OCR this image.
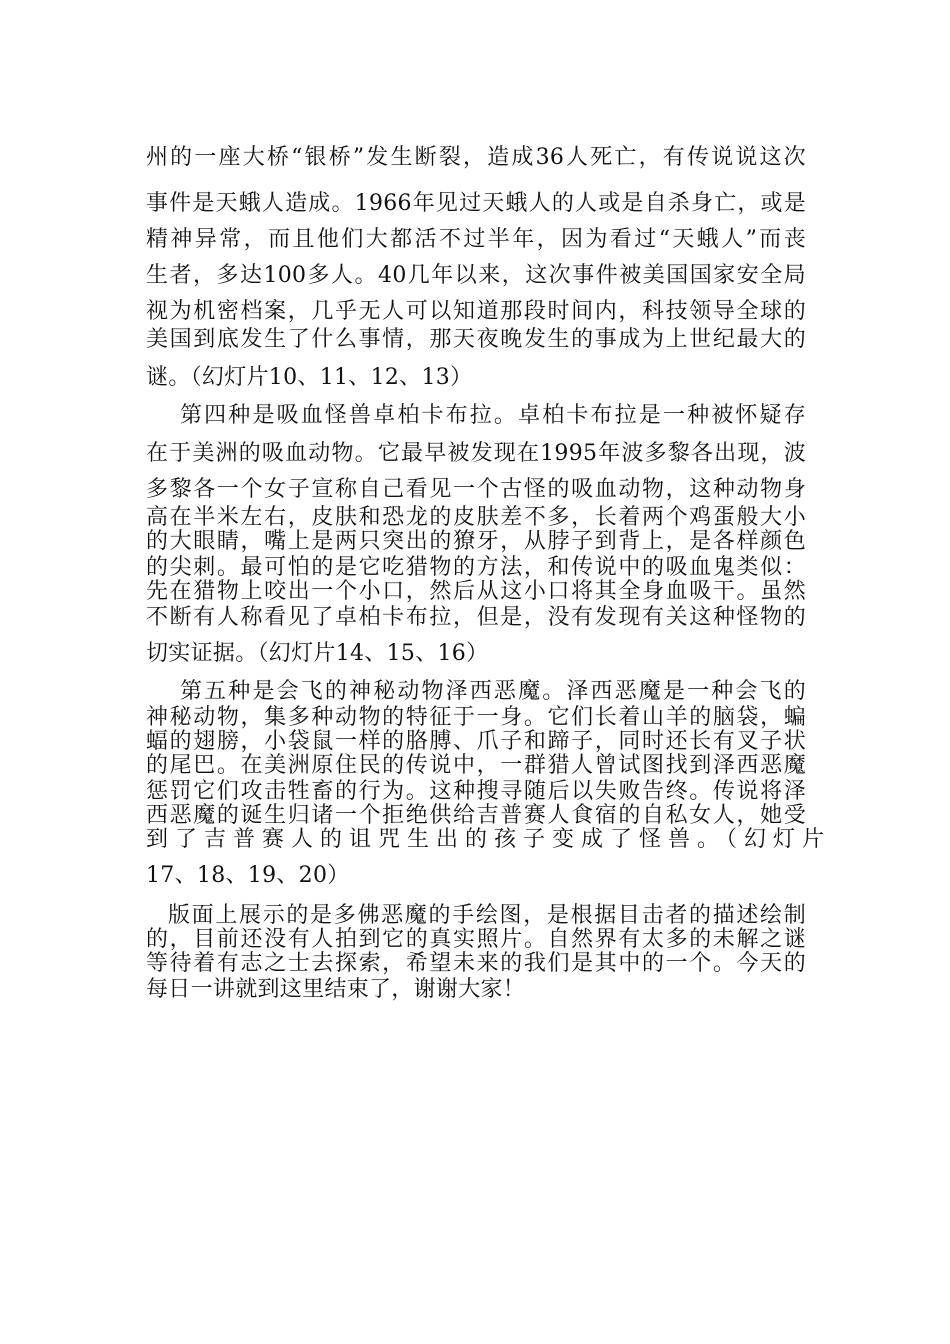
州的一座大桥“银桥”发生断裂，造成36人死亡，有传说说这次
事件是天蛾人造成。1966年见过天蛾人的人或是自杀身亡，或是
精神异常，而且他们大都活不过半年，因为看过“天蛾人”而丧
生者，多达100多人。40几年以来，这次事件被美国国家安全局
视为机密档案，几乎无人可以知道那段时间内，科技领导全球的
美国到底发生了什么事情，那天夜晚发生的事成为上世纪最大的
谜。（幻灯片10、11、12、13）
第四种是吸血怪兽卓柏卡布拉。卓柏卡布拉是一种被怀疑存
在于美洲的吸血动物。它最早被发现在1995年波多黎各出现，波
多黎各一个女子宣称自己看见一个古怪的吸血动物，这种动物身
高在半米左右，皮肤和恐龙的皮肤差不多，长着两个鸡蛋般大小
的大眼睛，嘴上是两只突出的獠牙，从脖子到背上，是各样颜色
的尖刺。最可怕的是它吃猎物的方法，和传说中的吸血鬼类似：
先在猎物上咬出一个小口，然后从这小口将其全身血吸干。虽然
不断有人称看见了卓柏卡布拉，但是，没有发现有关这种怪物的
切实证据。（幻灯片14、15、16）
第五种是会飞的神秘动物泽西恶魔。泽西恶魔是一种会飞的
神秘动物，集多种动物的特征于一身。它们长着山羊的脑袋，蝙
蝠的翅膀，小袋鼠一样的胳膊、爪子和蹄子，同时还长有叉子状
的尾巴。在美洲原住民的传说中，一群猎人曾试图找到泽西恶魔
惩罚它们攻击牲畜的行为。这种搜寻随后以失败告终。传说将泽
西恶魔的诞生归诸一个拒绝供给吉普赛人食宿的自私女人，她受
到了吉普赛人的诅咒生出的孩子变成了怪兽。（幻灯片
17、18、19、20）
版面上展示的是多佛恶魔的手绘图，是根据目击者的描述绘制
的，目前还没有人拍到它的真实照片。自然界有太多的未解之谜
等待着有志之士去探索，希望未来的我们是其中的一个。今天的
每日一讲就到这里结束了，谢谢大家！
